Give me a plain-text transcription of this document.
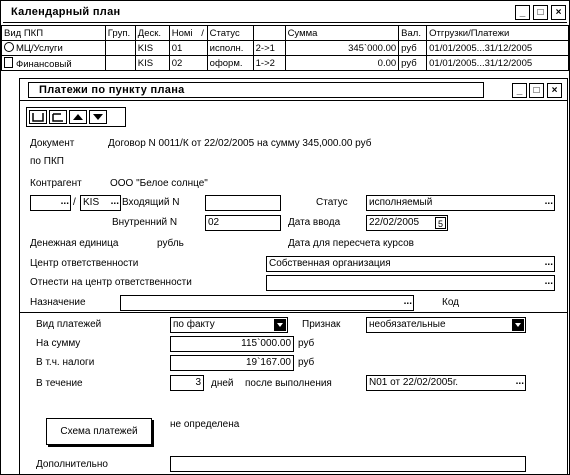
Календарный план	_	□	×
Вид ПКП	Груп.	Деск.	Номі	/	Статус		Сумма	Вал.	Отгрузки/Платежи
МЦ/Услуги		KIS	01		исполн.	2->1	345`000.00	руб	01/01/2005...31/12/2005
Финансовый		KIS	02		оформ.	1->2	0.00	руб	01/01/2005...31/12/2005
Платежи по пункту плана	_	□	×
Документ	Договор N 0011/К от 22/02/2005 на сумму 345,000.00 руб
по ПКП
Контрагент	ООО "Белое солнце"
... / KIS ... Входящий N	Статус	исполняемый	...
Внутренний N	02	Дата ввода	22/02/2005	5
Денежная единица	рубль	Дата для пересчета курсов
Центр ответственности	Собственная организация	...
Отнести на центр ответственности	...
Назначение	...	Код
Вид платежей	по факту	Признак	необязательные
На сумму	115`000.00 руб
В т.ч. налоги	19`167.00 руб
В течение	3	дней после выполнения	N01 от 22/02/2005г.	...
Схема платежей
не определена
Дополнительно
